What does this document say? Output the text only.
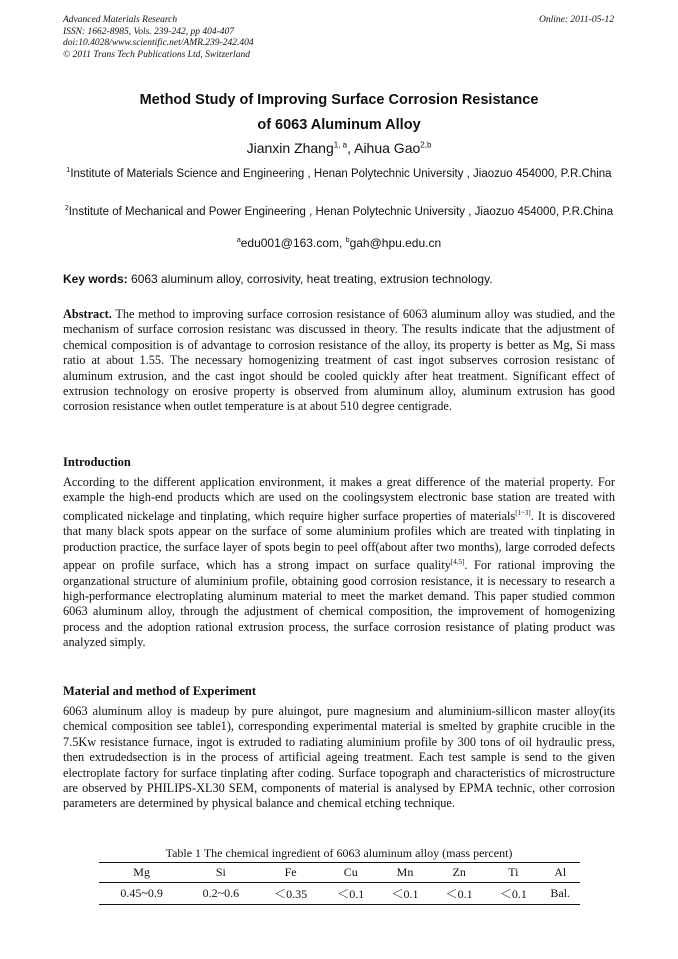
Advanced Materials Research
ISSN: 1662-8985, Vols. 239-242, pp 404-407
doi:10.4028/www.scientific.net/AMR.239-242.404
© 2011 Trans Tech Publications Ltd, Switzerland
Online: 2011-05-12
Method Study of Improving Surface Corrosion Resistance
of 6063 Aluminum Alloy
Jianxin Zhang$^{1, a}$, Aihua Gao$^{2,b}$
$^1$Institute of Materials Science and Engineering , Henan Polytechnic University , Jiaozuo 454000, P.R.China
$^2$Institute of Mechanical and Power Engineering , Henan Polytechnic University , Jiaozuo 454000, P.R.China
$^a$edu001@163.com, $^b$gah@hpu.edu.cn
Key words: 6063 aluminum alloy, corrosivity, heat treating, extrusion technology.
Abstract. The method to improving surface corrosion resistance of 6063 aluminum alloy was studied, and the mechanism of surface corrosion resistanc was discussed in theory. The results indicate that the adjustment of chemical composition is of advantage to corrosion resistance of the alloy, its property is better as Mg, Si mass ratio at about 1.55. The necessary homogenizing treatment of cast ingot subserves corrosion resistanc of aluminum extrusion, and the cast ingot should be cooled quickly after heat treatment. Significant effect of extrusion technology on erosive property is observed from aluminum alloy, aluminum extrusion has good corrosion resistance when outlet temperature is at about 510 degree centigrade.
Introduction
According to the different application environment, it makes a great difference of the material property. For example the high-end products which are used on the coolingsystem electronic base station are treated with complicated nickelage and tinplating, which require higher surface properties of materials[1~3]. It is discovered that many black spots appear on the surface of some aluminium profiles which are treated with tinplating in production practice, the surface layer of spots begin to peel off(about after two months), large corroded defects appear on profile surface, which has a strong impact on surface quality[4,5]. For rational improving the organzational structure of aluminium profile, obtaining good corrosion resistance, it is necessary to research a high-performance electroplating aluminum material to meet the market demand. This paper studied common 6063 aluminum alloy, through the adjustment of chemical composition, the improvement of homogenizing process and the adoption rational extrusion process, the surface corrosion resistance of plating product was analyzed simply.
Material and method of Experiment
6063 aluminum alloy is madeup by pure aluingot, pure magnesium and aluminium-sillicon master alloy(its chemical composition see table1), corresponding experimental material is smelted by graphite crucible in the 7.5Kw resistance furnace, ingot is extruded to radiating aluminium profile by 300 tons of oil hydraulic press, then extrudedsection is in the process of artificial ageing treatment. Each test sample is send to the given electroplate factory for surface tinplating after coding. Surface topograph and characteristics of microstructure are observed by PHILIPS-XL30 SEM, components of material is analysed by EPMA technic, other corrosion parameters are determined by physical balance and chemical etching technique.
Table 1 The chemical ingredient of 6063 aluminum alloy (mass percent)
Mg	Si	Fe	Cu	Mn	Zn	Ti	Al
0.45~0.9	0.2~0.6	＜0.35	＜0.1	＜0.1	＜0.1	＜0.1	Bal.
